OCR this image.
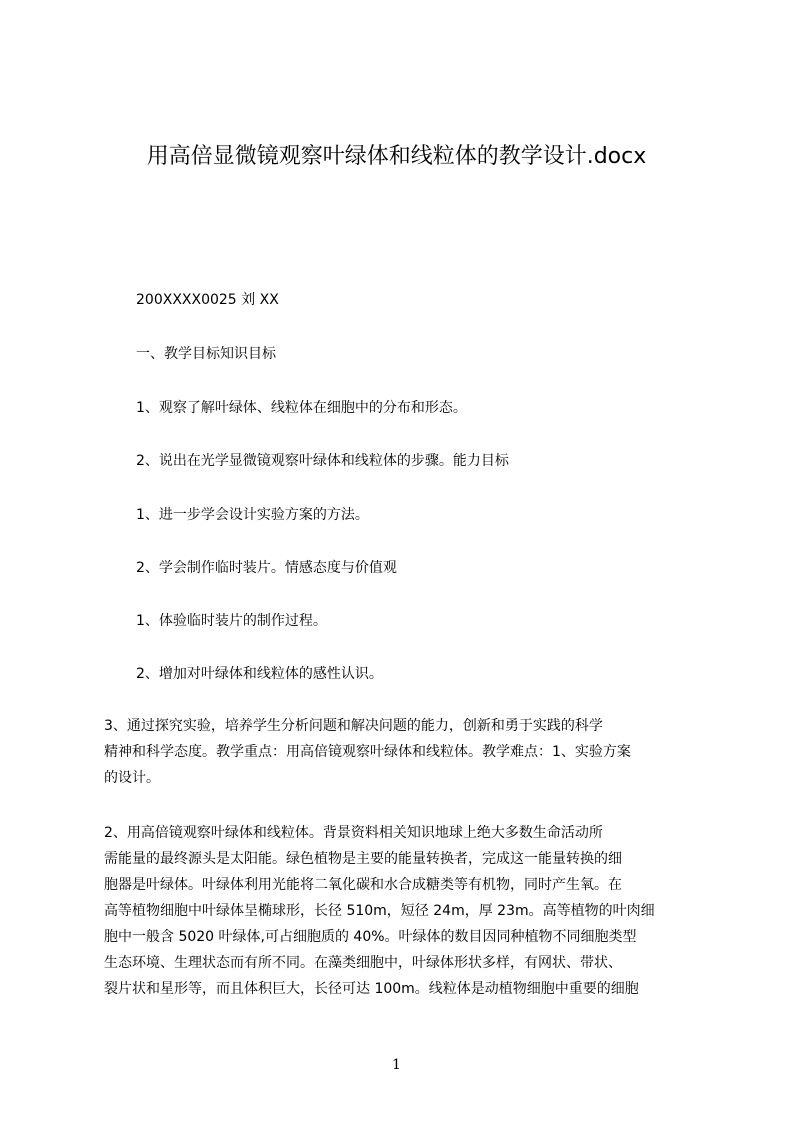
用高倍显微镜观察叶绿体和线粒体的教学设计.docx
200XXXX0025 刘 XX
一、教学目标知识目标
1、观察了解叶绿体、线粒体在细胞中的分布和形态。
2、说出在光学显微镜观察叶绿体和线粒体的步骤。能力目标
1、进一步学会设计实验方案的方法。
2、学会制作临时装片。情感态度与价值观
1、体验临时装片的制作过程。
2、增加对叶绿体和线粒体的感性认识。
3、通过探究实验，培养学生分析问题和解决问题的能力，创新和勇于实践的科学
精神和科学态度。教学重点：用高倍镜观察叶绿体和线粒体。教学难点：1、实验方案
的设计。
2、用高倍镜观察叶绿体和线粒体。背景资料相关知识地球上绝大多数生命活动所
需能量的最终源头是太阳能。绿色植物是主要的能量转换者，完成这一能量转换的细
胞器是叶绿体。叶绿体利用光能将二氧化碳和水合成糖类等有机物，同时产生氧。在
高等植物细胞中叶绿体呈椭球形，长径 510m，短径 24m，厚 23m。高等植物的叶肉细
胞中一般含 5020 叶绿体,可占细胞质的 40%。叶绿体的数目因同种植物不同细胞类型
生态环境、生理状态而有所不同。在藻类细胞中，叶绿体形状多样，有网状、带状、
裂片状和星形等，而且体积巨大，长径可达 100m。线粒体是动植物细胞中重要的细胞
1
